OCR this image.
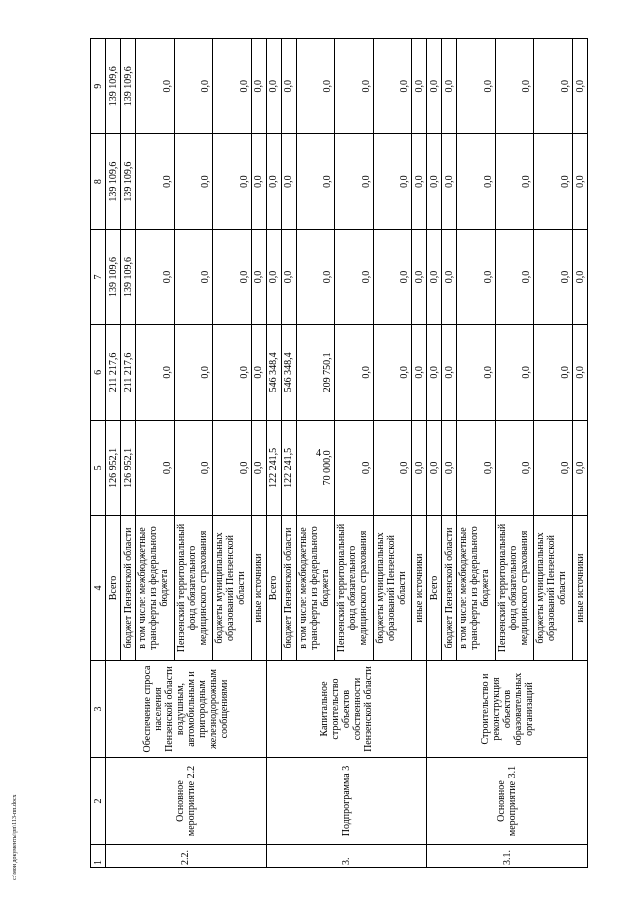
4
1	2	3	4	5	6	7	8	9
2.2.	Основное мероприятие 2.2	Обеспечение спроса населения Пензенской области воздушным, автомобильным и пригородным железнодорожным сообщениями	Всего	126 952,1	211 217,6	139 109,6	139 109,6	139 109,6
			бюджет Пензенской области	126 952,1	211 217,6	139 109,6	139 109,6	139 109,6
			в том числе: межбюджетные трансферты из федерального бюджета	0,0	0,0	0,0	0,0	0,0
			Пензенский территориальный фонд обязательного медицинского страхования	0,0	0,0	0,0	0,0	0,0
			бюджеты муниципальных образований Пензенской области	0,0	0,0	0,0	0,0	0,0
			иные источники	0,0	0,0	0,0	0,0	0,0
3.	Подпрограмма 3	Капитальное строительство объектов собственности Пензенской области	Всего	122 241,5	546 348,4	0,0	0,0	0,0
			бюджет Пензенской области	122 241,5	546 348,4	0,0	0,0	0,0
			в том числе: межбюджетные трансферты из федерального бюджета	70 000,0	209 750,1	0,0	0,0	0,0
			Пензенский территориальный фонд обязательного медицинского страхования	0,0	0,0	0,0	0,0	0,0
			бюджеты муниципальных образований Пензенской области	0,0	0,0	0,0	0,0	0,0
			иные источники	0,0	0,0	0,0	0,0	0,0
3.1.	Основное мероприятие 3.1	Строительство и реконструкция объектов образовательных организаций	Всего	0,0	0,0	0,0	0,0	0,0
			бюджет Пензенской области	0,0	0,0	0,0	0,0	0,0
			в том числе: межбюджетные трансферты из федерального бюджета	0,0	0,0	0,0	0,0	0,0
			Пензенский территориальный фонд обязательного медицинского страхования	0,0	0,0	0,0	0,0	0,0
			бюджеты муниципальных образований Пензенской области	0,0	0,0	0,0	0,0	0,0
			иные источники	0,0	0,0	0,0	0,0	0,0
c:\мои документы\рп\113-пп.docx
